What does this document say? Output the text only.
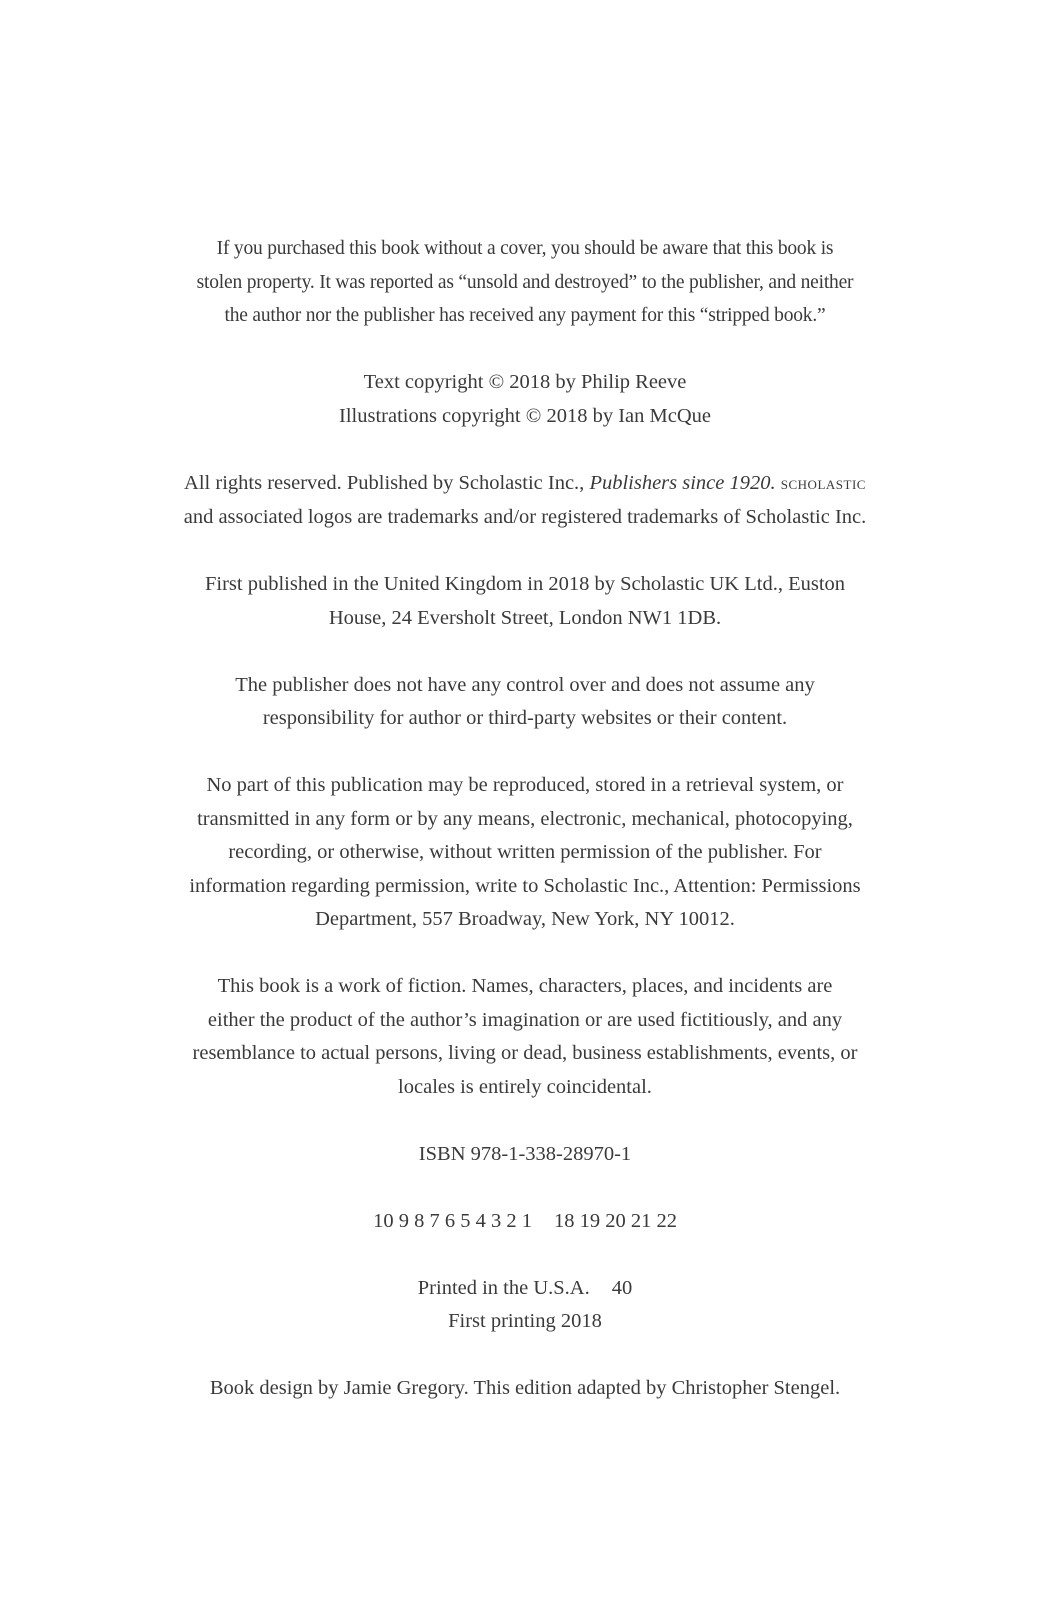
If you purchased this book without a cover, you should be aware that this book is
stolen property. It was reported as “unsold and destroyed” to the publisher, and neither
the author nor the publisher has received any payment for this “stripped book.”

Text copyright © 2018 by Philip Reeve
Illustrations copyright © 2018 by Ian McQue

All rights reserved. Published by Scholastic Inc., Publishers since 1920. SCHOLASTIC
and associated logos are trademarks and/or registered trademarks of Scholastic Inc.

First published in the United Kingdom in 2018 by Scholastic UK Ltd., Euston
House, 24 Eversholt Street, London NW1 1DB.

The publisher does not have any control over and does not assume any
responsibility for author or third-party websites or their content.

No part of this publication may be reproduced, stored in a retrieval system, or
transmitted in any form or by any means, electronic, mechanical, photocopying,
recording, or otherwise, without written permission of the publisher. For
information regarding permission, write to Scholastic Inc., Attention: Permissions
Department, 557 Broadway, New York, NY 10012.

This book is a work of fiction. Names, characters, places, and incidents are
either the product of the author’s imagination or are used fictitiously, and any
resemblance to actual persons, living or dead, business establishments, events, or
locales is entirely coincidental.

ISBN 978-1-338-28970-1

10 9 8 7 6 5 4 3 2 1 18 19 20 21 22

Printed in the U.S.A. 40
First printing 2018

Book design by Jamie Gregory. This edition adapted by Christopher Stengel.
